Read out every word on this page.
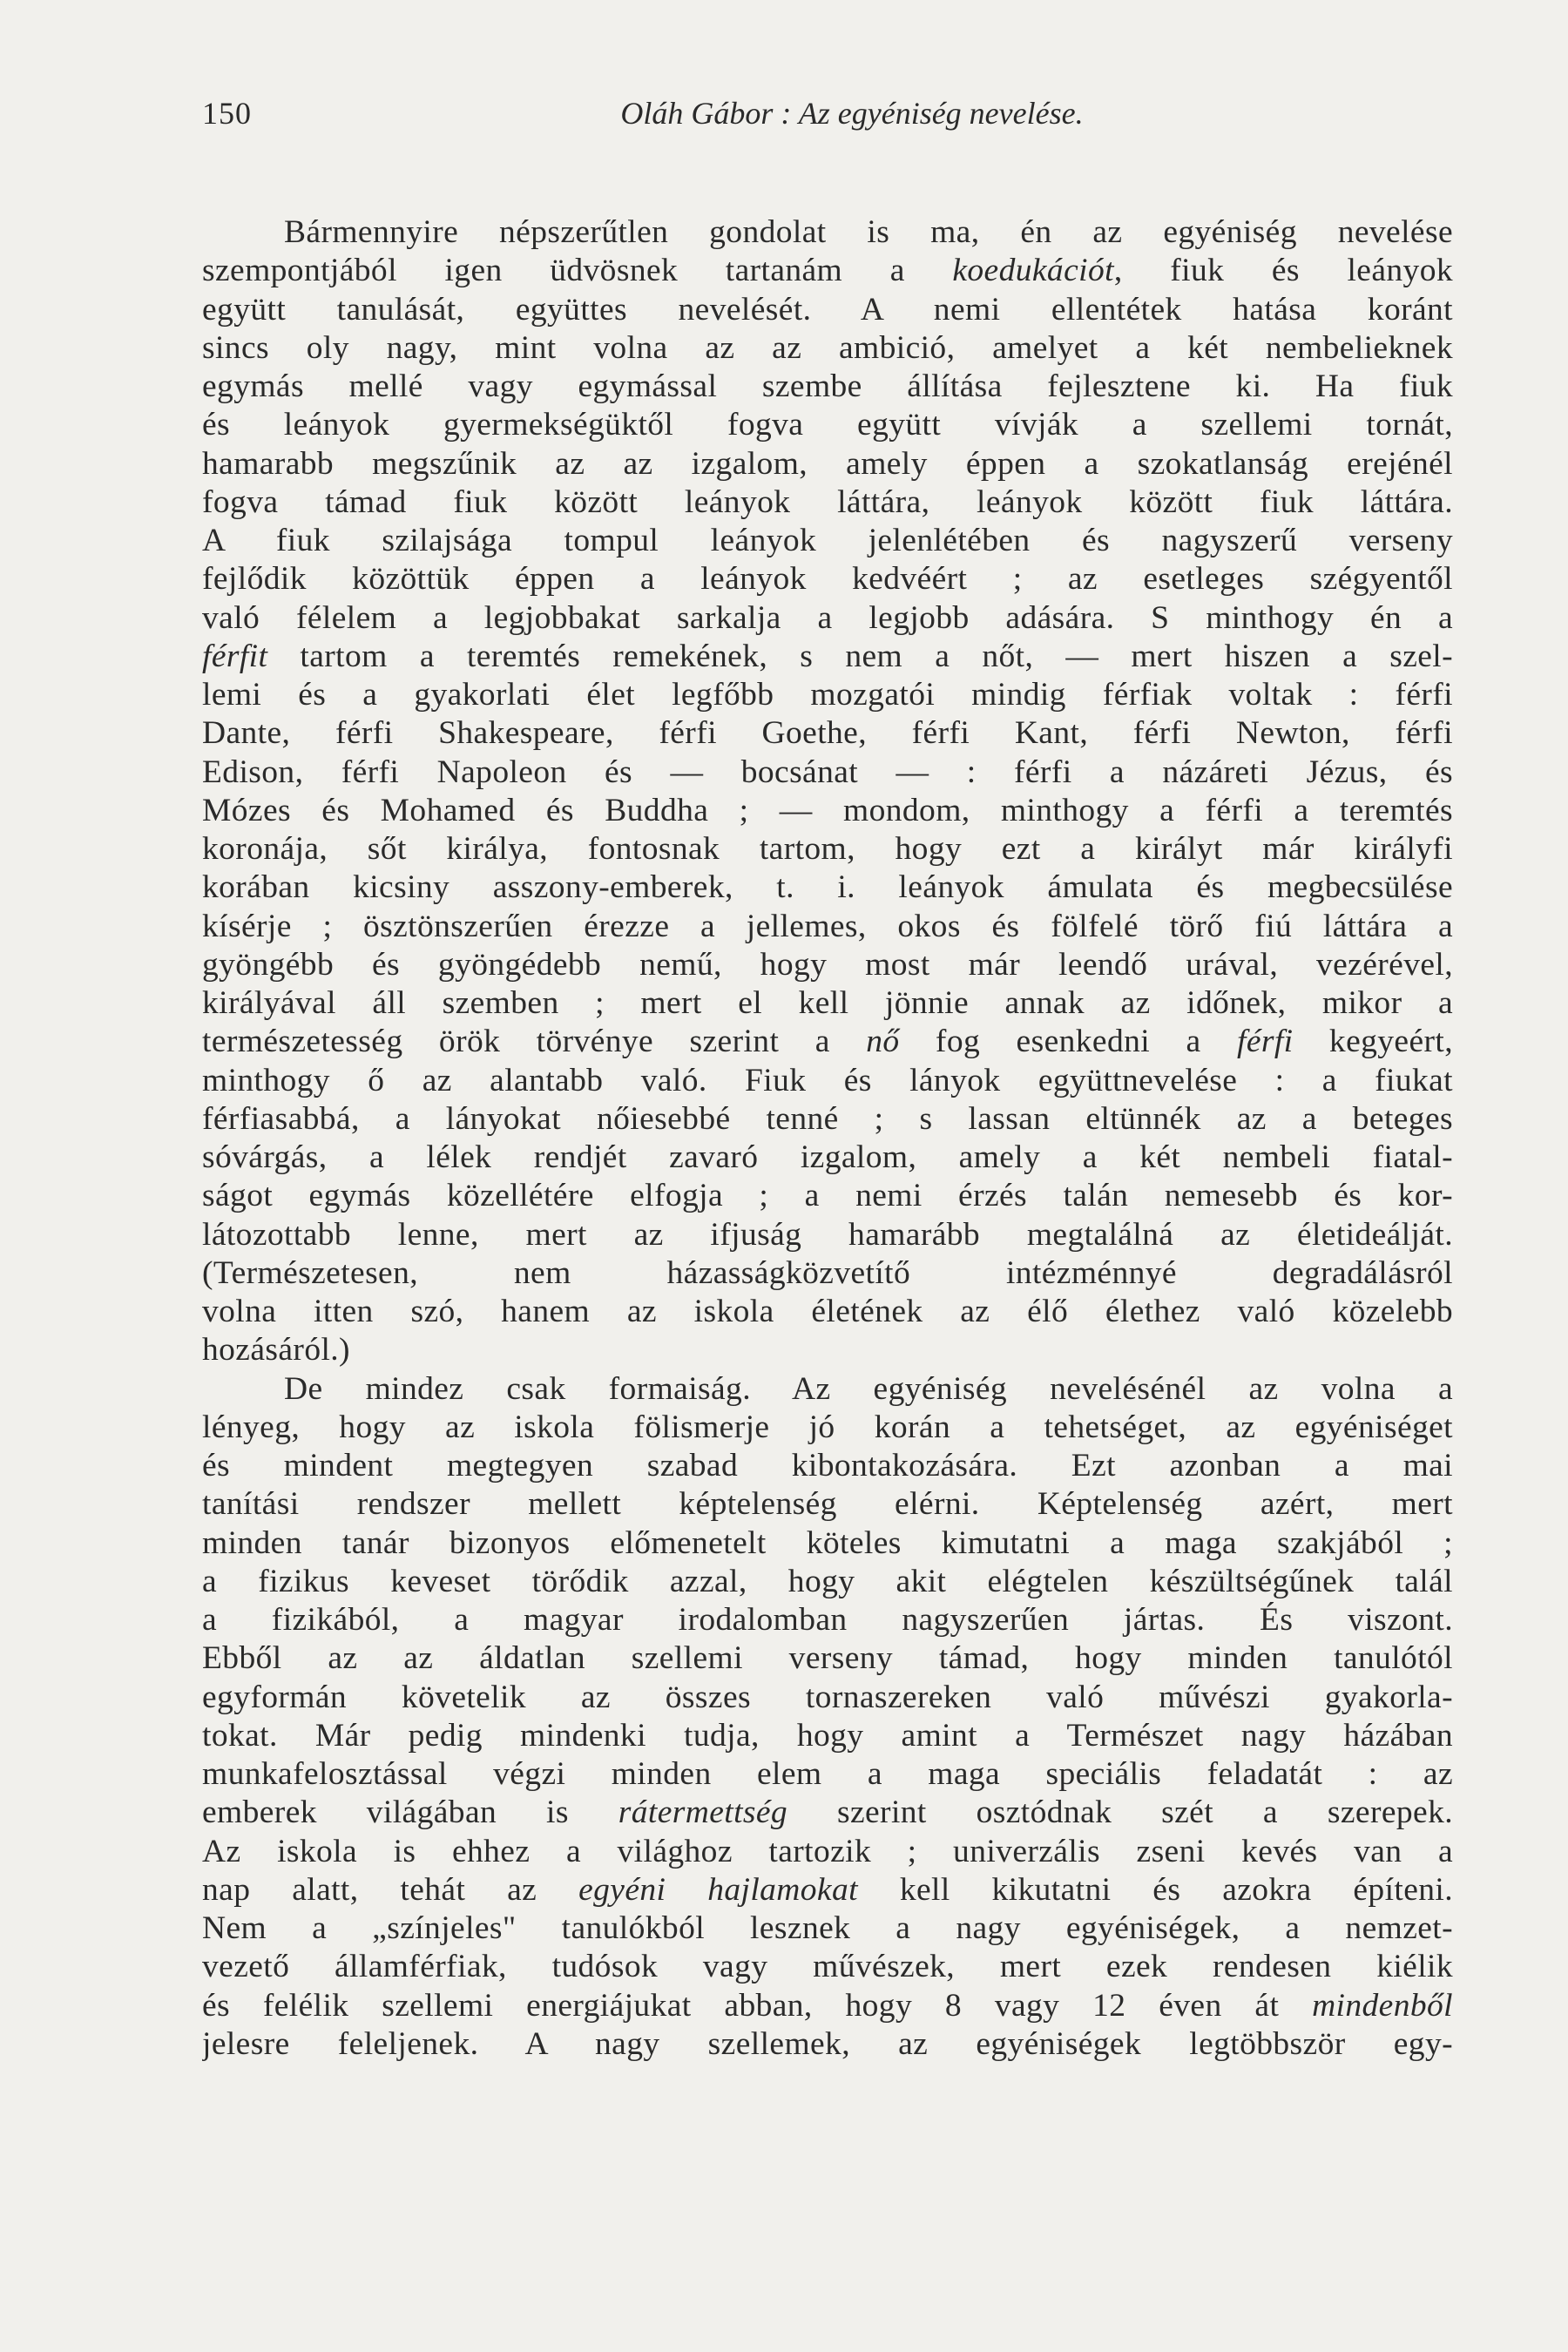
150	Oláh Gábor : Az egyéniség nevelése.
Bármennyire népszerűtlen gondolat is ma, én az egyéniség nevelése
szempontjából igen üdvösnek tartanám a koedukációt, fiuk és leányok
együtt tanulását, együttes nevelését. A nemi ellentétek hatása koránt
sincs oly nagy, mint volna az az ambició, amelyet a két nembelieknek
egymás mellé vagy egymással szembe állítása fejlesztene ki. Ha fiuk
és leányok gyermekségüktől fogva együtt vívják a szellemi tornát,
hamarabb megszűnik az az izgalom, amely éppen a szokatlanság erejénél
fogva támad fiuk között leányok láttára, leányok között fiuk láttára.
A fiuk szilajsága tompul leányok jelenlétében és nagyszerű verseny
fejlődik közöttük éppen a leányok kedvéért ; az esetleges szégyentől
való félelem a legjobbakat sarkalja a legjobb adására. S minthogy én a
férfit tartom a teremtés remekének, s nem a nőt, — mert hiszen a szel-
lemi és a gyakorlati élet legfőbb mozgatói mindig férfiak voltak : férfi
Dante, férfi Shakespeare, férfi Goethe, férfi Kant, férfi Newton, férfi
Edison, férfi Napoleon és — bocsánat — : férfi a názáreti Jézus, és
Mózes és Mohamed és Buddha ; — mondom, minthogy a férfi a teremtés
koronája, sőt királya, fontosnak tartom, hogy ezt a királyt már királyfi
korában kicsiny asszony-emberek, t. i. leányok ámulata és megbecsülése
kísérje ; ösztönszerűen érezze a jellemes, okos és fölfelé törő fiú láttára a
gyöngébb és gyöngédebb nemű, hogy most már leendő urával, vezérével,
királyával áll szemben ; mert el kell jönnie annak az időnek, mikor a
természetesség örök törvénye szerint a nő fog esenkedni a férfi kegyeért,
minthogy ő az alantabb való. Fiuk és lányok együttnevelése : a fiukat
férfiasabbá, a lányokat nőiesebbé tenné ; s lassan eltünnék az a beteges
sóvárgás, a lélek rendjét zavaró izgalom, amely a két nembeli fiatal-
ságot egymás közellétére elfogja ; a nemi érzés talán nemesebb és kor-
látozottabb lenne, mert az ifjuság hamarább megtalálná az életideálját.
(Természetesen, nem házasságközvetítő intézménnyé degradálásról
volna itten szó, hanem az iskola életének az élő élethez való közelebb
hozásáról.)
De mindez csak formaiság. Az egyéniség nevelésénél az volna a
lényeg, hogy az iskola fölismerje jó korán a tehetséget, az egyéniséget
és mindent megtegyen szabad kibontakozására. Ezt azonban a mai
tanítási rendszer mellett képtelenség elérni. Képtelenség azért, mert
minden tanár bizonyos előmenetelt köteles kimutatni a maga szakjából ;
a fizikus keveset törődik azzal, hogy akit elégtelen készültségűnek talál
a fizikából, a magyar irodalomban nagyszerűen jártas. És viszont.
Ebből az az áldatlan szellemi verseny támad, hogy minden tanulótól
egyformán követelik az összes tornaszereken való művészi gyakorla-
tokat. Már pedig mindenki tudja, hogy amint a Természet nagy házában
munkafelosztással végzi minden elem a maga speciális feladatát : az
emberek világában is rátermettség szerint osztódnak szét a szerepek.
Az iskola is ehhez a világhoz tartozik ; univerzális zseni kevés van a
nap alatt, tehát az egyéni hajlamokat kell kikutatni és azokra építeni.
Nem a „színjeles" tanulókból lesznek a nagy egyéniségek, a nemzet-
vezető államférfiak, tudósok vagy művészek, mert ezek rendesen kiélik
és felélik szellemi energiájukat abban, hogy 8 vagy 12 éven át mindenből
jelesre feleljenek. A nagy szellemek, az egyéniségek legtöbbször egy-
